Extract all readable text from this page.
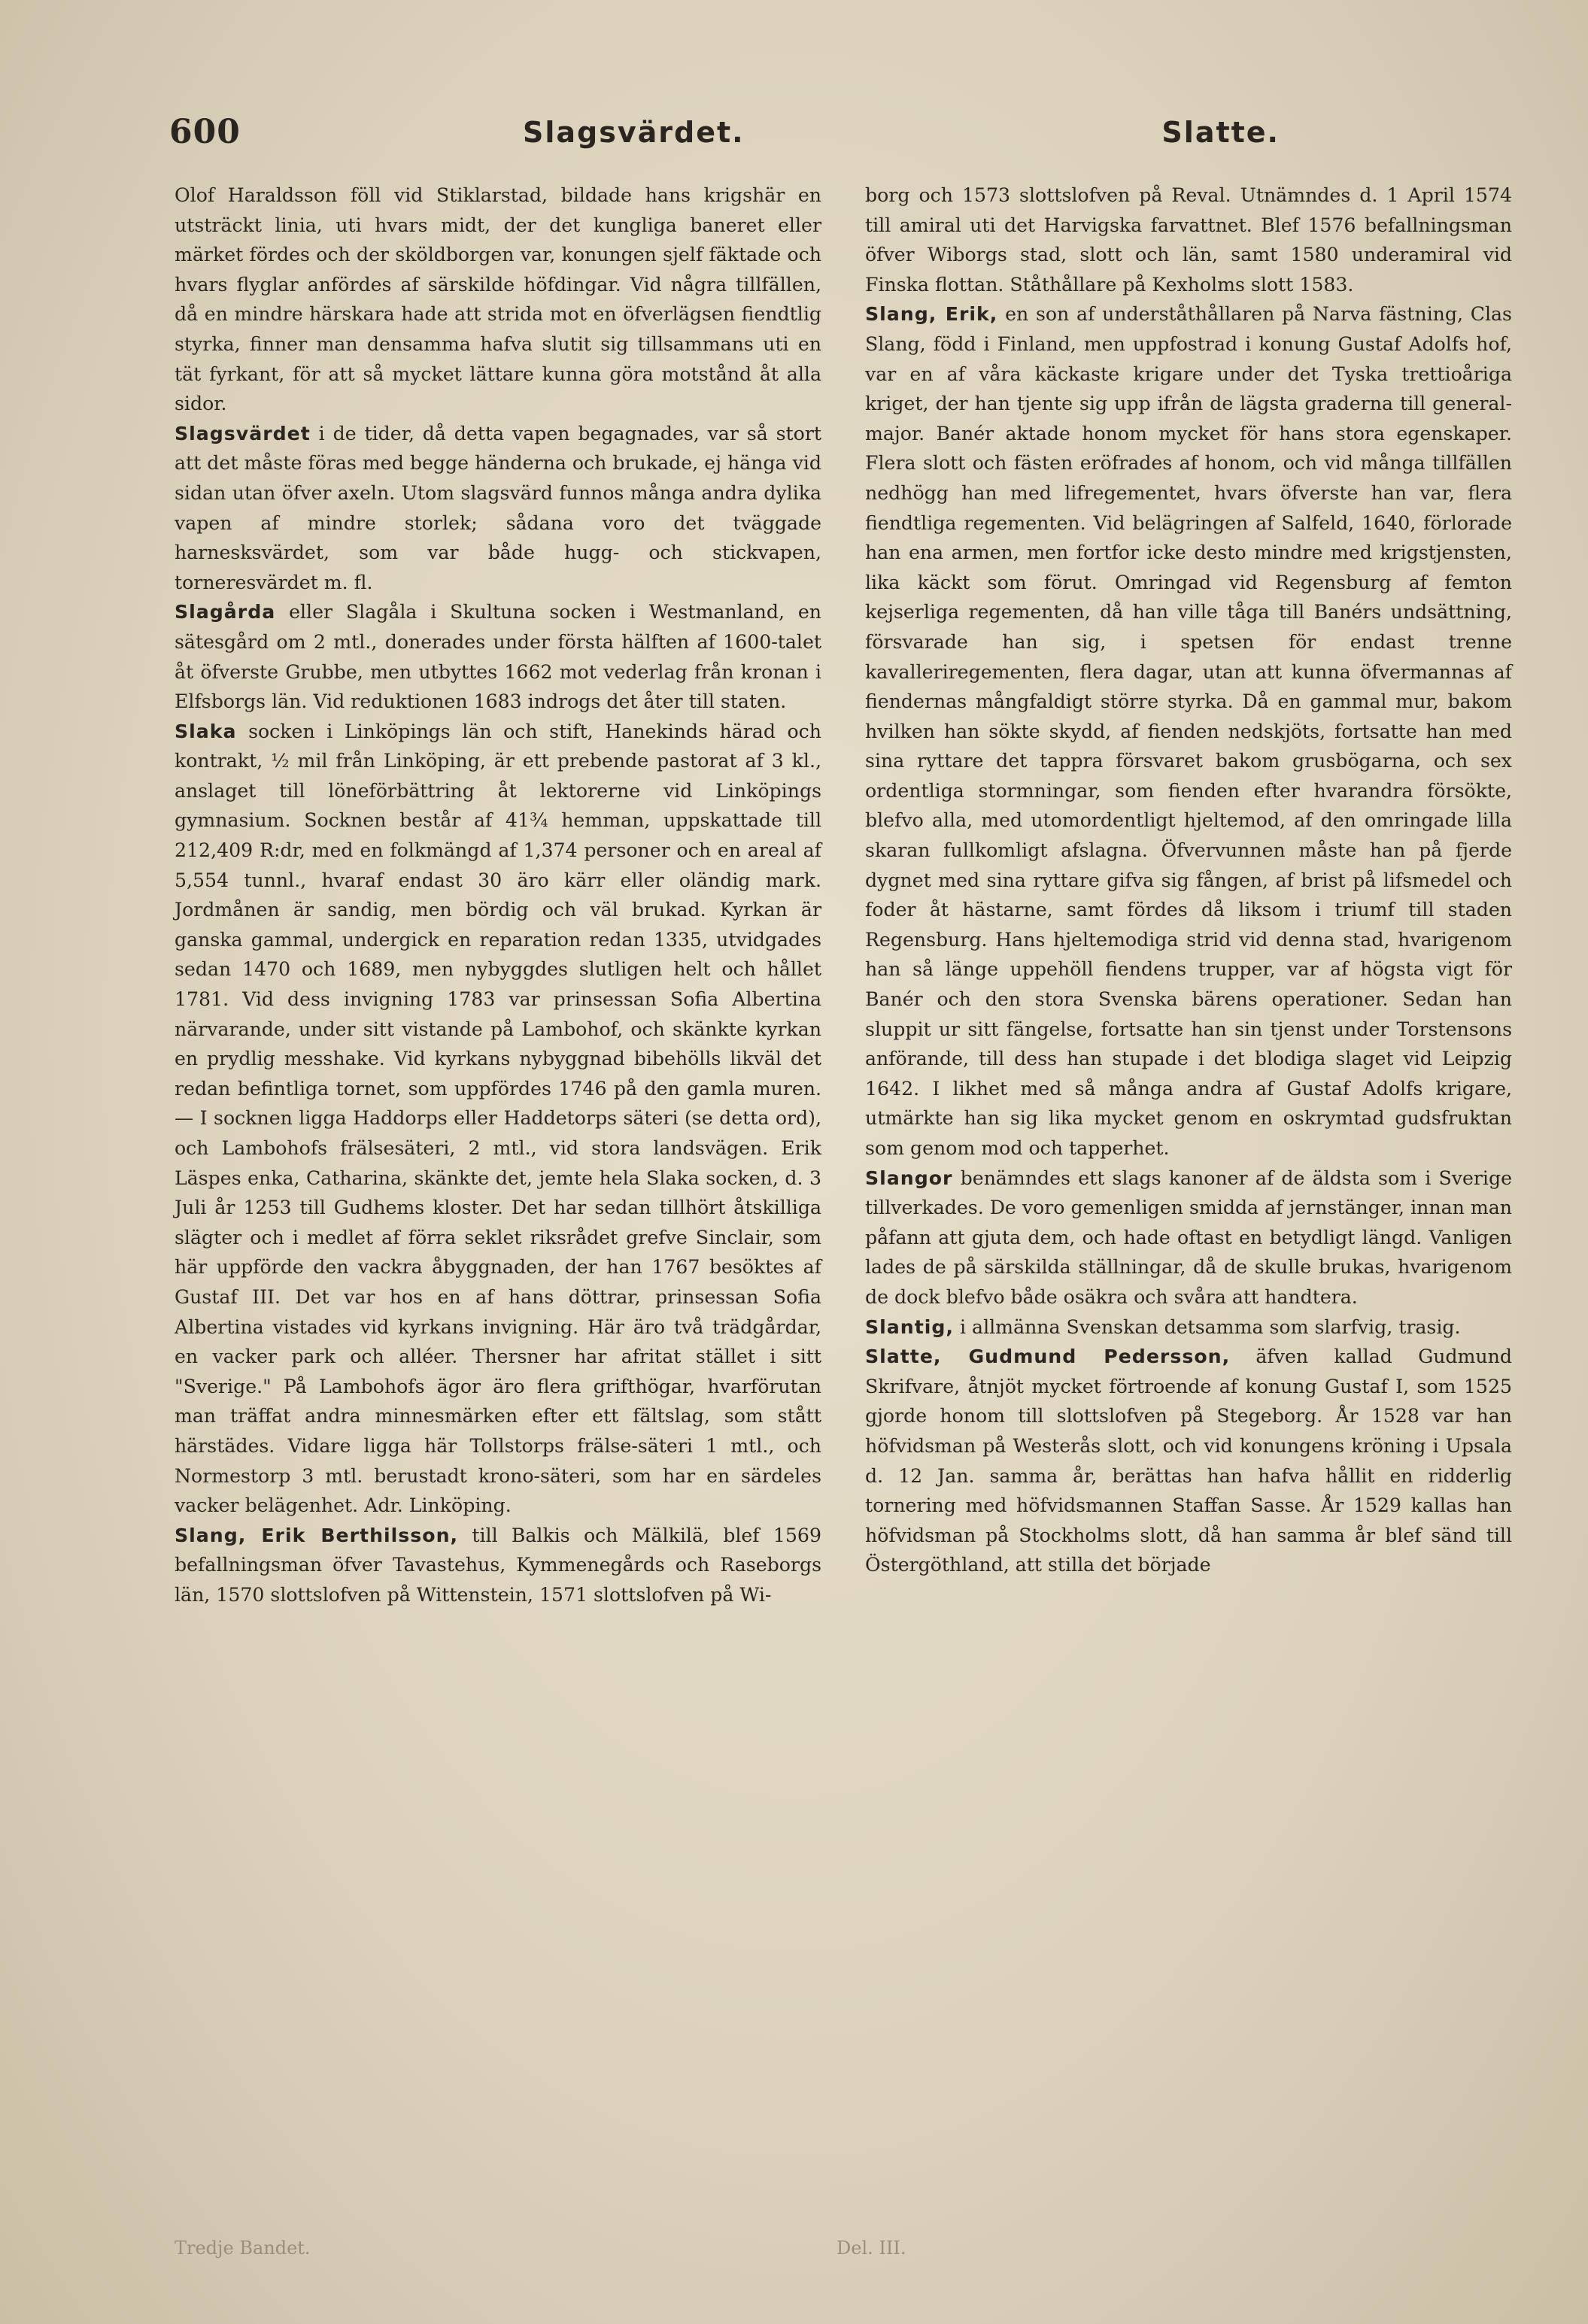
600	Slagsvärdet.	Slatte.

Olof Haraldsson föll vid Stiklarstad, bildade hans krigshär en utsträckt linia, uti hvars midt, der det kungliga baneret eller märket fördes och der sköldborgen var, konungen sjelf fäktade och hvars flyglar anfördes af särskilde höfdingar. Vid några tillfällen, då en mindre härskara hade att strida mot en öfverlägsen fiendtlig styrka, finner man densamma hafva slutit sig tillsammans uti en tät fyrkant, för att så mycket lättare kunna göra motstånd åt alla sidor.

Slagsvärdet i de tider, då detta vapen begagnades, var så stort att det måste föras med begge händerna och brukade, ej hänga vid sidan utan öfver axeln. Utom slagsvärd funnos många andra dylika vapen af mindre storlek; sådana voro det tväggade harnesksvärdet, som var både hugg- och stickvapen, torneresvärdet m. fl.

Slagårda eller Slagåla i Skultuna socken i Westmanland, en sätesgård om 2 mtl., donerades under första hälften af 1600-talet åt öfverste Grubbe, men utbyttes 1662 mot vederlag från kronan i Elfsborgs län. Vid reduktionen 1683 indrogs det åter till staten.

Slaka socken i Linköpings län och stift, Hanekinds härad och kontrakt, ½ mil från Linköping, är ett prebende pastorat af 3 kl., anslaget till löneförbättring åt lektorerne vid Linköpings gymnasium. Socknen består af 41¾ hemman, uppskattade till 212,409 R:dr, med en folkmängd af 1,374 personer och en areal af 5,554 tunnl., hvaraf endast 30 äro kärr eller oländig mark. Jordmånen är sandig, men bördig och väl brukad. Kyrkan är ganska gammal, undergick en reparation redan 1335, utvidgades sedan 1470 och 1689, men nybyggdes slutligen helt och hållet 1781. Vid dess invigning 1783 var prinsessan Sofia Albertina närvarande, under sitt vistande på Lambohof, och skänkte kyrkan en prydlig messhake. Vid kyrkans nybyggnad bibehölls likväl det redan befintliga tornet, som uppfördes 1746 på den gamla muren. — I socknen ligga Haddorps eller Haddetorps säteri (se detta ord), och Lambohofs frälsesäteri, 2 mtl., vid stora landsvägen. Erik Läspes enka, Catharina, skänkte det, jemte hela Slaka socken, d. 3 Juli år 1253 till Gudhems kloster. Det har sedan tillhört åtskilliga slägter och i medlet af förra seklet riksrådet grefve Sinclair, som här uppförde den vackra åbyggnaden, der han 1767 besöktes af Gustaf III. Det var hos en af hans döttrar, prinsessan Sofia Albertina vistades vid kyrkans invigning. Här äro två trädgårdar, en vacker park och alléer. Thersner har afritat stället i sitt "Sverige." På Lambohofs ägor äro flera grifthögar, hvarförutan man träffat andra minnesmärken efter ett fältslag, som stått härstädes. Vidare ligga här Tollstorps frälse-säteri 1 mtl., och Normestorp 3 mtl. berustadt krono-säteri, som har en särdeles vacker belägenhet. Adr. Linköping.

Slang, Erik Berthilsson, till Balkis och Mälkilä, blef 1569 befallningsman öfver Tavastehus, Kymmenegårds och Raseborgs län, 1570 slottslofven på Wittenstein, 1571 slottslofven på Wi-

borg och 1573 slottslofven på Reval. Utnämndes d. 1 April 1574 till amiral uti det Harvigska farvattnet. Blef 1576 befallningsman öfver Wiborgs stad, slott och län, samt 1580 underamiral vid Finska flottan. Ståthållare på Kexholms slott 1583.

Slang, Erik, en son af underståthållaren på Narva fästning, Clas Slang, född i Finland, men uppfostrad i konung Gustaf Adolfs hof, var en af våra käckaste krigare under det Tyska trettioåriga kriget, der han tjente sig upp ifrån de lägsta graderna till general-major. Banér aktade honom mycket för hans stora egenskaper. Flera slott och fästen eröfrades af honom, och vid många tillfällen nedhögg han med lifregementet, hvars öfverste han var, flera fiendtliga regementen. Vid belägringen af Salfeld, 1640, förlorade han ena armen, men fortfor icke desto mindre med krigstjensten, lika käckt som förut. Omringad vid Regensburg af femton kejserliga regementen, då han ville tåga till Banérs undsättning, försvarade han sig, i spetsen för endast trenne kavalleriregementen, flera dagar, utan att kunna öfvermannas af fiendernas mångfaldigt större styrka. Då en gammal mur, bakom hvilken han sökte skydd, af fienden nedskjöts, fortsatte han med sina ryttare det tappra försvaret bakom grusbögarna, och sex ordentliga stormningar, som fienden efter hvarandra försökte, blefvo alla, med utomordentligt hjeltemod, af den omringade lilla skaran fullkomligt afslagna. Öfvervunnen måste han på fjerde dygnet med sina ryttare gifva sig fången, af brist på lifsmedel och foder åt hästarne, samt fördes då liksom i triumf till staden Regensburg. Hans hjeltemodiga strid vid denna stad, hvarigenom han så länge uppehöll fiendens trupper, var af högsta vigt för Banér och den stora Svenska bärens operationer. Sedan han sluppit ur sitt fängelse, fortsatte han sin tjenst under Torstensons anförande, till dess han stupade i det blodiga slaget vid Leipzig 1642. I likhet med så många andra af Gustaf Adolfs krigare, utmärkte han sig lika mycket genom en oskrymtad gudsfruktan som genom mod och tapperhet.

Slangor benämndes ett slags kanoner af de äldsta som i Sverige tillverkades. De voro gemenligen smidda af jernstänger, innan man påfann att gjuta dem, och hade oftast en betydligt längd. Vanligen lades de på särskilda ställningar, då de skulle brukas, hvarigenom de dock blefvo både osäkra och svåra att handtera.

Slantig, i allmänna Svenskan detsamma som slarfvig, trasig.

Slatte, Gudmund Pedersson, äfven kallad Gudmund Skrifvare, åtnjöt mycket förtroende af konung Gustaf I, som 1525 gjorde honom till slottslofven på Stegeborg. År 1528 var han höfvidsman på Westerås slott, och vid konungens kröning i Upsala d. 12 Jan. samma år, berättas han hafva hållit en ridderlig tornering med höfvidsmannen Staffan Sasse. År 1529 kallas han höfvidsman på Stockholms slott, då han samma år blef sänd till Östergöthland, att stilla det började

Tredje Bandet.	Del. III.
